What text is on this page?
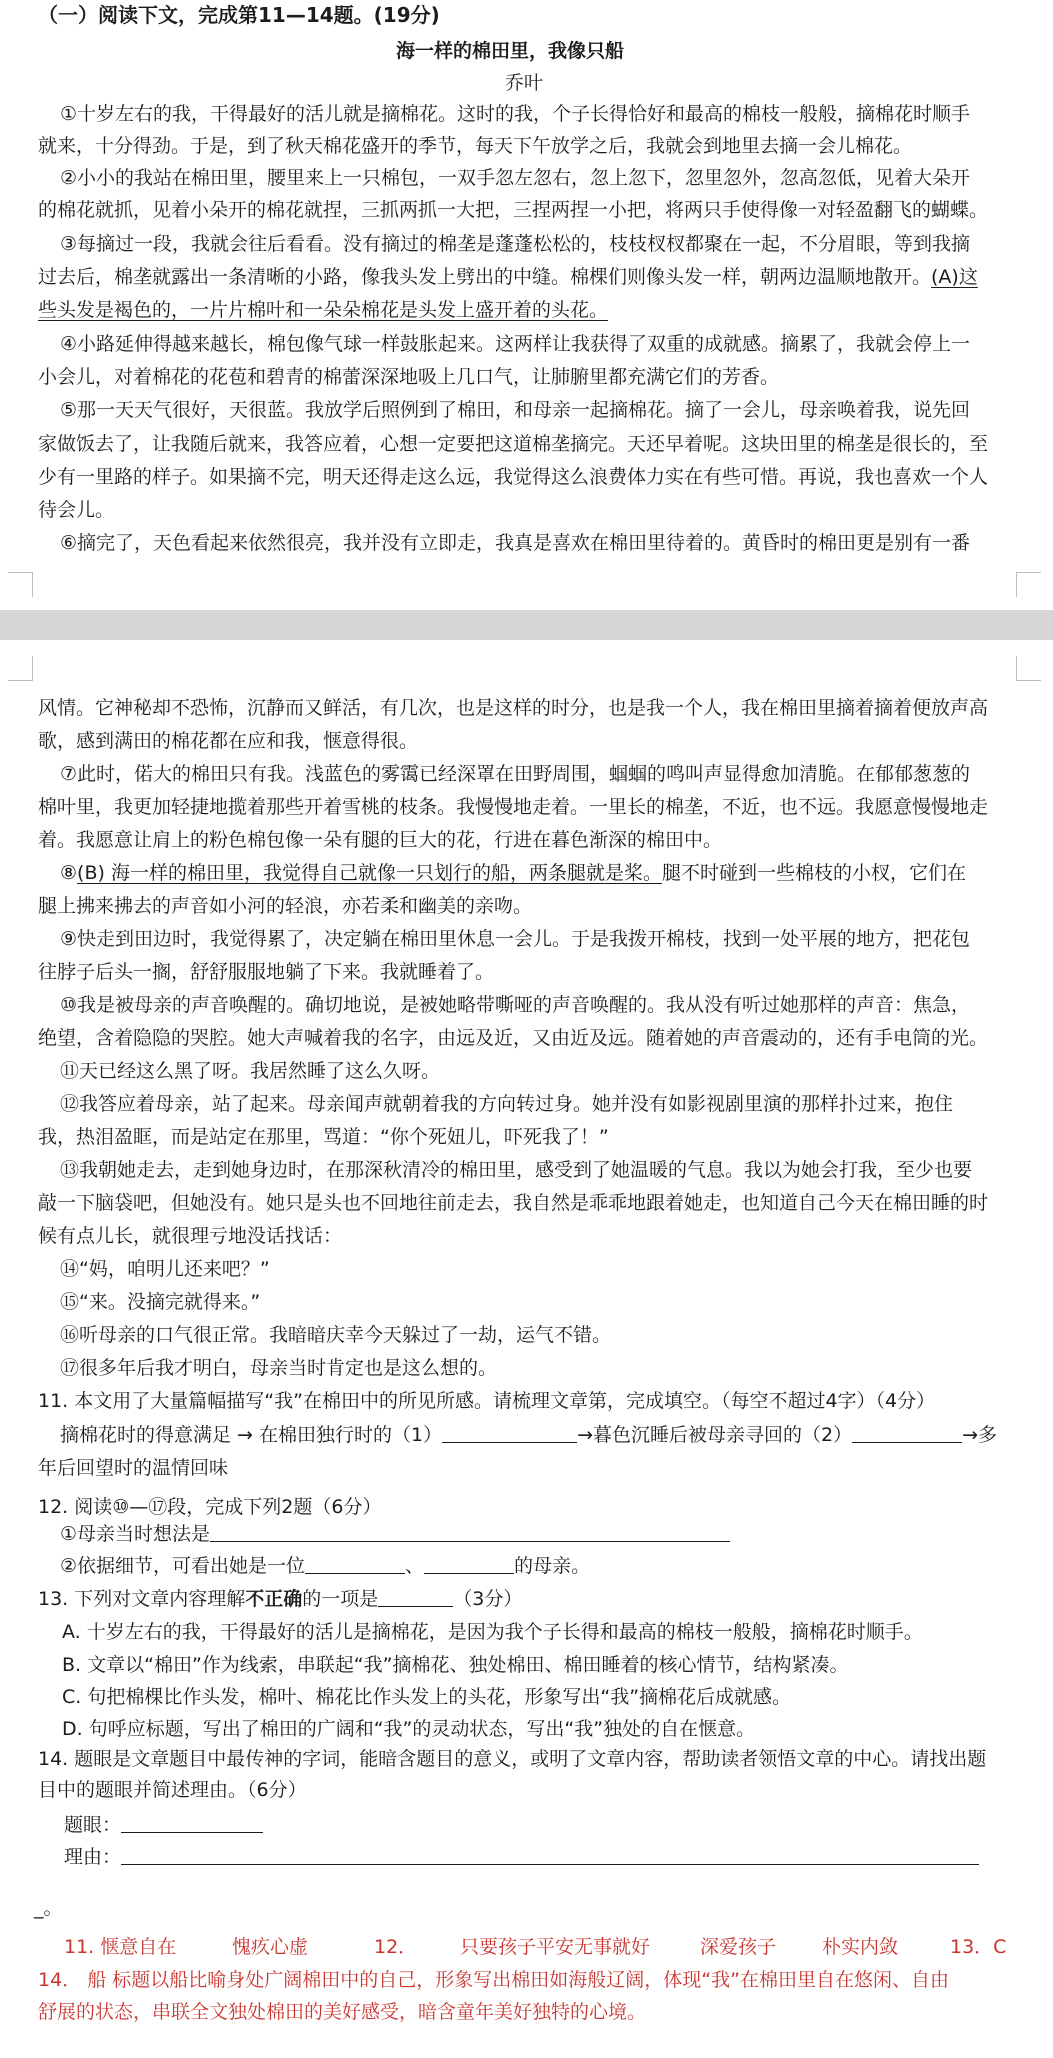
（一）阅读下文，完成第11—14题。(19分)
海一样的棉田里，我像只船
乔叶
①十岁左右的我，干得最好的活儿就是摘棉花。这时的我，个子长得恰好和最高的棉枝一般般，摘棉花时顺手
就来，十分得劲。于是，到了秋天棉花盛开的季节，每天下午放学之后，我就会到地里去摘一会儿棉花。
②小小的我站在棉田里，腰里来上一只棉包，一双手忽左忽右，忽上忽下，忽里忽外，忽高忽低，见着大朵开
的棉花就抓，见着小朵开的棉花就捏，三抓两抓一大把，三捏两捏一小把，将两只手使得像一对轻盈翻飞的蝴蝶。
③每摘过一段，我就会往后看看。没有摘过的棉垄是蓬蓬松松的，枝枝杈杈都聚在一起，不分眉眼，等到我摘
过去后，棉垄就露出一条清晰的小路，像我头发上劈出的中缝。棉棵们则像头发一样，朝两边温顺地散开。(A)这
些头发是褐色的，一片片棉叶和一朵朵棉花是头发上盛开着的头花。
④小路延伸得越来越长，棉包像气球一样鼓胀起来。这两样让我获得了双重的成就感。摘累了，我就会停上一
小会儿，对着棉花的花苞和碧青的棉蕾深深地吸上几口气，让肺腑里都充满它们的芳香。
⑤那一天天气很好，天很蓝。我放学后照例到了棉田，和母亲一起摘棉花。摘了一会儿，母亲唤着我，说先回
家做饭去了，让我随后就来，我答应着，心想一定要把这道棉垄摘完。天还早着呢。这块田里的棉垄是很长的，至
少有一里路的样子。如果摘不完，明天还得走这么远，我觉得这么浪费体力实在有些可惜。再说，我也喜欢一个人
待会儿。
⑥摘完了，天色看起来依然很亮，我并没有立即走，我真是喜欢在棉田里待着的。黄昏时的棉田更是别有一番
风情。它神秘却不恐怖，沉静而又鲜活，有几次，也是这样的时分，也是我一个人，我在棉田里摘着摘着便放声高
歌，感到满田的棉花都在应和我，惬意得很。
⑦此时，偌大的棉田只有我。浅蓝色的雾霭已经深罩在田野周围，蝈蝈的鸣叫声显得愈加清脆。在郁郁葱葱的
棉叶里，我更加轻捷地揽着那些开着雪桃的枝条。我慢慢地走着。一里长的棉垄，不近，也不远。我愿意慢慢地走
着。我愿意让肩上的粉色棉包像一朵有腿的巨大的花，行进在暮色渐深的棉田中。
⑧(B) 海一样的棉田里，我觉得自己就像一只划行的船，两条腿就是桨。腿不时碰到一些棉枝的小杈，它们在
腿上拂来拂去的声音如小河的轻浪，亦若柔和幽美的亲吻。
⑨快走到田边时，我觉得累了，决定躺在棉田里休息一会儿。于是我拨开棉枝，找到一处平展的地方，把花包
往脖子后头一搁，舒舒服服地躺了下来。我就睡着了。
⑩我是被母亲的声音唤醒的。确切地说，是被她略带嘶哑的声音唤醒的。我从没有听过她那样的声音：焦急，
绝望，含着隐隐的哭腔。她大声喊着我的名字，由远及近，又由近及远。随着她的声音震动的，还有手电筒的光。
⑪天已经这么黑了呀。我居然睡了这么久呀。
⑫我答应着母亲，站了起来。母亲闻声就朝着我的方向转过身。她并没有如影视剧里演的那样扑过来，抱住
我，热泪盈眶，而是站定在那里，骂道：“你个死妞儿，吓死我了！”
⑬我朝她走去，走到她身边时，在那深秋清冷的棉田里，感受到了她温暖的气息。我以为她会打我，至少也要
敲一下脑袋吧，但她没有。她只是头也不回地往前走去，我自然是乖乖地跟着她走，也知道自己今天在棉田睡的时
候有点儿长，就很理亏地没话找话：
⑭“妈，咱明儿还来吧？”
⑮“来。没摘完就得来。”
⑯听母亲的口气很正常。我暗暗庆幸今天躲过了一劫，运气不错。
⑰很多年后我才明白，母亲当时肯定也是这么想的。
11. 本文用了大量篇幅描写“我”在棉田中的所见所感。请梳理文章第，完成填空。（每空不超过4字）（4分）
摘棉花时的得意满足 → 在棉田独行时的（1）	→暮色沉睡后被母亲寻回的（2）	→多
年后回望时的温情回味
12. 阅读⑩—⑰段，完成下列2题（6分）
①母亲当时想法是
②依据细节，可看出她是一位	、	的母亲。
13. 下列对文章内容理解不正确的一项是	（3分）
A. 十岁左右的我，干得最好的活儿是摘棉花，是因为我个子长得和最高的棉枝一般般，摘棉花时顺手。
B. 文章以“棉田”作为线索，串联起“我”摘棉花、独处棉田、棉田睡着的核心情节，结构紧凑。
C. 句把棉棵比作头发，棉叶、棉花比作头发上的头花，形象写出“我”摘棉花后成就感。
D. 句呼应标题，写出了棉田的广阔和“我”的灵动状态，写出“我”独处的自在惬意。
14. 题眼是文章题目中最传神的字词，能暗含题目的意义，或明了文章内容，帮助读者领悟文章的中心。请找出题
目中的题眼并简述理由。（6分）
题眼：
理由：
_。
11. 惬意自在	愧疚心虚	12． 只要孩子平安无事就好	深爱孩子 朴实内敛	13．C
14． 船 标题以船比喻身处广阔棉田中的自己，形象写出棉田如海般辽阔，体现“我”在棉田里自在悠闲、自由
舒展的状态，串联全文独处棉田的美好感受，暗含童年美好独特的心境。
